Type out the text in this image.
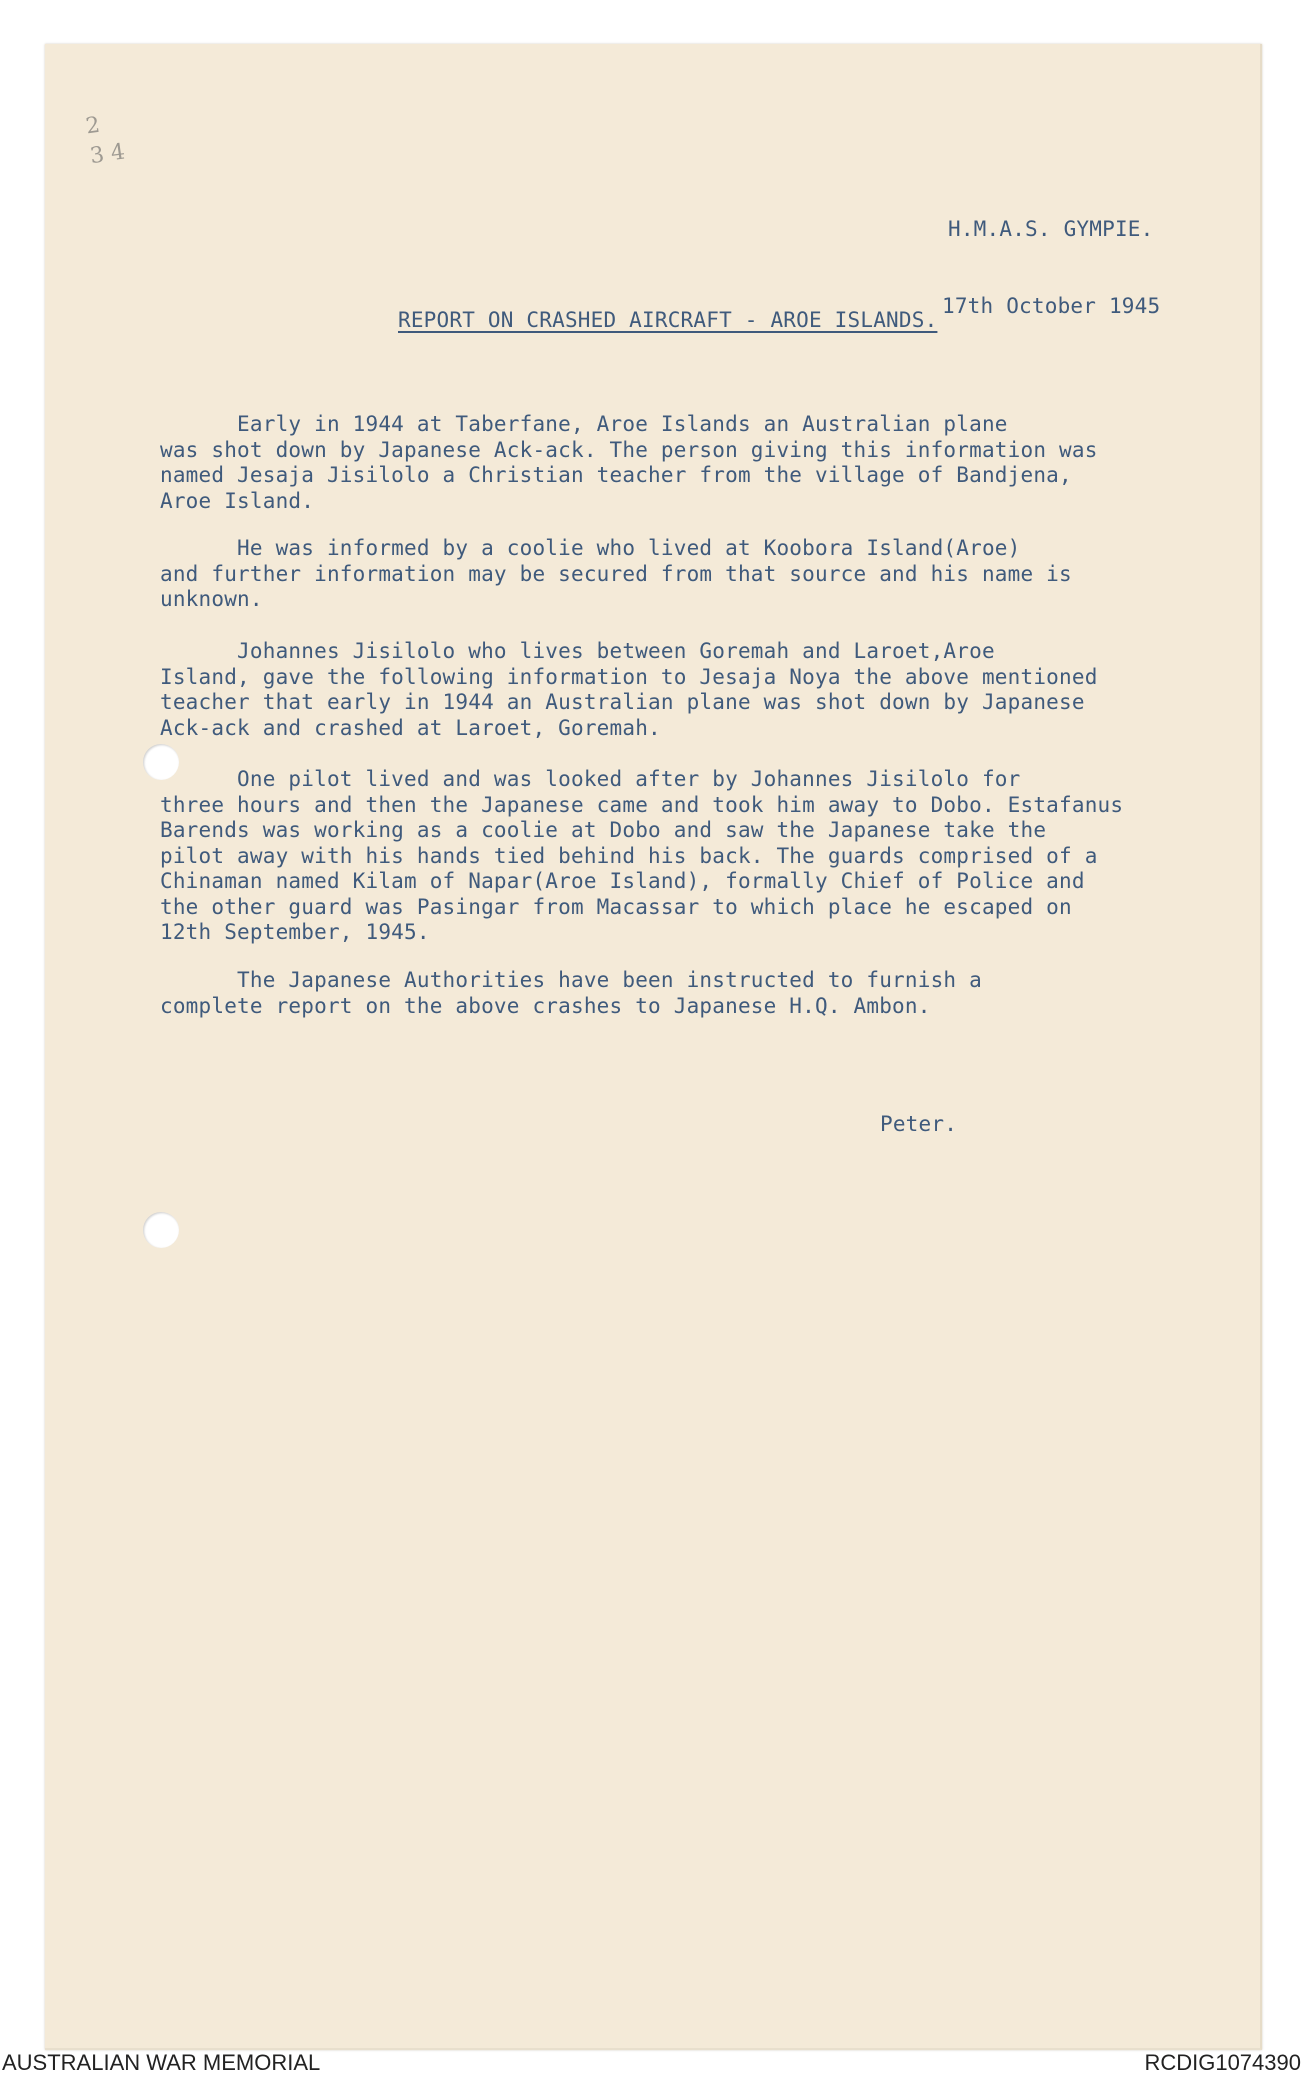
2
3 4

H.M.A.S. GYMPIE.

17th October 1945

REPORT ON CRASHED AIRCRAFT - AROE ISLANDS.
Early in 1944 at Taberfane, Aroe Islands an Australian plane
was shot down by Japanese Ack-ack. The person giving this information was
named Jesaja Jisilolo a Christian teacher from the village of Bandjena,
Aroe Island.
He was informed by a coolie who lived at Koobora Island(Aroe)
and further information may be secured from that source and his name is
unknown.
Johannes Jisilolo who lives between Goremah and Laroet,Aroe
Island, gave the following information to Jesaja Noya the above mentioned
teacher that early in 1944 an Australian plane was shot down by Japanese
Ack-ack and crashed at Laroet, Goremah.
One pilot lived and was looked after by Johannes Jisilolo for
three hours and then the Japanese came and took him away to Dobo. Estafanus
Barends was working as a coolie at Dobo and saw the Japanese take the
pilot away with his hands tied behind his back. The guards comprised of a
Chinaman named Kilam of Napar(Aroe Island), formally Chief of Police and
the other guard was Pasingar from Macassar to which place he escaped on
12th September, 1945.
The Japanese Authorities have been instructed to furnish a
complete report on the above crashes to Japanese H.Q. Ambon.
Peter.
AUSTRALIAN WAR MEMORIAL	RCDIG1074390
